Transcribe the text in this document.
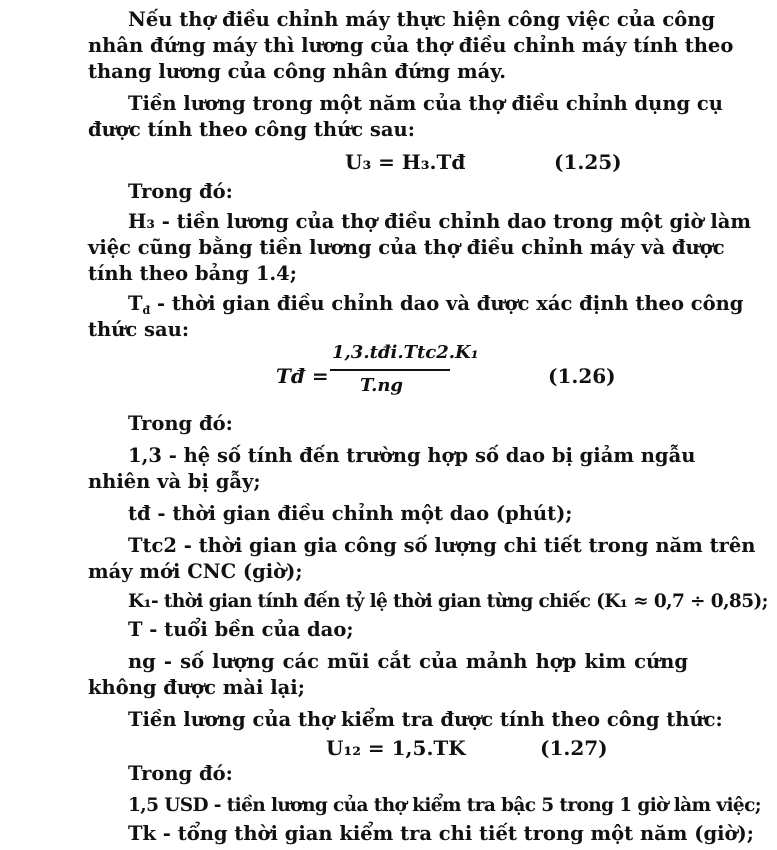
Nếu thợ điều chỉnh máy thực hiện công việc của công
nhân đứng máy thì lương của thợ điều chỉnh máy tính theo
thang lương của công nhân đứng máy.
Tiền lương trong một năm của thợ điều chỉnh dụng cụ
được tính theo công thức sau:
U₃ = H₃.Tđ	(1.25)
Trong đó:
H₃ - tiền lương của thợ điều chỉnh dao trong một giờ làm
việc cũng bằng tiền lương của thợ điều chỉnh máy và được
tính theo bảng 1.4;
$T_đ$ - thời gian điều chỉnh dao và được xác định theo công
thức sau:
Tđ =
1,3.tđi.Ttc2.K₁
T.ng	(1.26)
Trong đó:
1,3 - hệ số tính đến trường hợp số dao bị giảm ngẫu
nhiên và bị gẫy;
tđ - thời gian điều chỉnh một dao (phút);
Ttc2 - thời gian gia công số lượng chi tiết trong năm trên
máy mới CNC (giờ);
K₁- thời gian tính đến tỷ lệ thời gian từng chiếc (K₁ ≈ 0,7 ÷ 0,85);
T - tuổi bền của dao;
ng - số lượng các mũi cắt của mảnh hợp kim cứng
không được mài lại;
Tiền lương của thợ kiểm tra được tính theo công thức:
U₁₂ = 1,5.TK	(1.27)
Trong đó:
1,5 USD - tiền lương của thợ kiểm tra bậc 5 trong 1 giờ làm việc;
Tk - tổng thời gian kiểm tra chi tiết trong một năm (giờ);
